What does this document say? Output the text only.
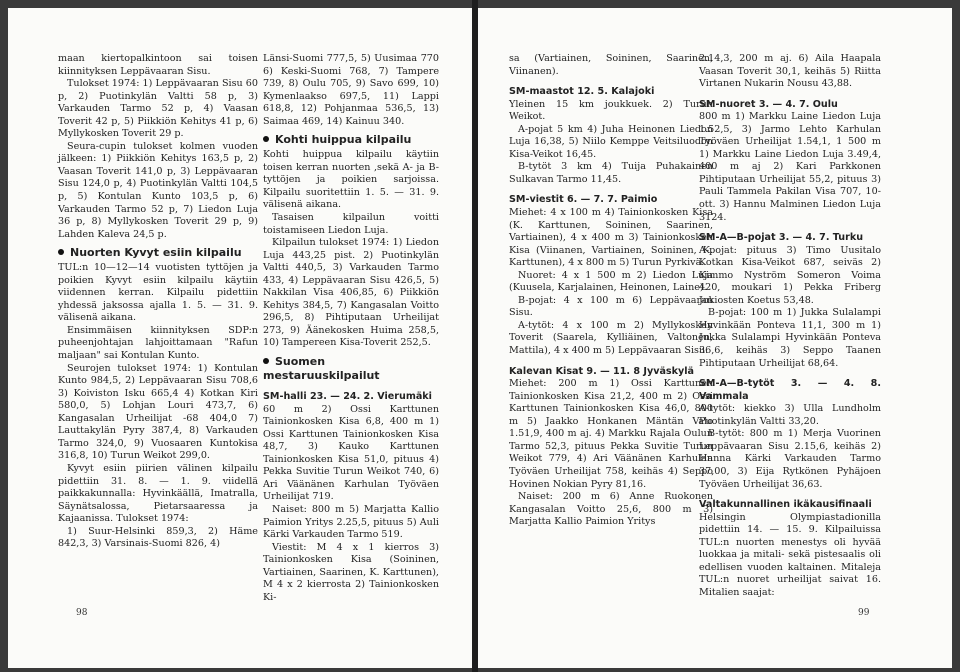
maan kiertopalkintoon sai toisen kiinnityksen Leppävaaran Sisu.

Tulokset 1974: 1) Leppävaaran Sisu 60 p, 2) Puotinkylän Valtti 58 p, 3) Varkauden Tarmo 52 p, 4) Vaasan Toverit 42 p, 5) Piikkiön Kehitys 41 p, 6) Myllykosken Toverit 29 p.

Seura-cupin tulokset kolmen vuoden jälkeen: 1) Piikkiön Kehitys 163,5 p, 2) Vaasan Toverit 141,0 p, 3) Leppävaaran Sisu 124,0 p, 4) Puotinkylän Valtti 104,5 p, 5) Kontulan Kunto 103,5 p, 6) Varkauden Tarmo 52 p, 7) Liedon Luja 36 p, 8) Myllykosken Toverit 29 p, 9) Lahden Kaleva 24,5 p.

Nuorten Kyvyt esiin kilpailu

TUL:n 10—12—14 vuotisten tyttöjen ja poikien Kyvyt esiin kilpailu käytiin viidennen kerran. Kilpailu pidettiin yhdessä jaksossa ajalla 1. 5. — 31. 9. välisenä aikana.

Ensimmäisen kiinnityksen SDP:n puheenjohtajan lahjoittamaan "Rafun maljaan" sai Kontulan Kunto.

Seurojen tulokset 1974: 1) Kontulan Kunto 984,5, 2) Leppävaaran Sisu 708,6 3) Koiviston Isku 665,4 4) Kotkan Kiri 580,0, 5) Lohjan Louri 473,7, 6) Kangasalan Urheilijat -68 404,0 7) Lauttakylän Pyry 387,4, 8) Varkauden Tarmo 324,0, 9) Vuosaaren Kuntokisa 316,8, 10) Turun Weikot 299,0.

Kyvyt esiin piirien välinen kilpailu pidettiin 31. 8. — 1. 9. viidellä paikkakunnalla: Hyvinkäällä, Imatralla, Säynätsalossa, Pietarsaaressa ja Kajaanissa. Tulokset 1974:

1) Suur-Helsinki 859,3, 2) Häme 842,3, 3) Varsinais-Suomi 826, 4)

Länsi-Suomi 777,5, 5) Uusimaa 770 6) Keski-Suomi 768, 7) Tampere 739, 8) Oulu 705, 9) Savo 699, 10) Kymenlaakso 697,5, 11) Lappi 618,8, 12) Pohjanmaa 536,5, 13) Saimaa 469, 14) Kainuu 340.

Kohti huippua kilpailu

Kohti huippua kilpailu käytiin toisen kerran nuorten ,sekä A- ja B-tyttöjen ja poikien sarjoissa. Kilpailu suoritettiin 1. 5. — 31. 9. välisenä aikana.

Tasaisen kilpailun voitti toistamiseen Liedon Luja.

Kilpailun tulokset 1974: 1) Liedon Luja 443,25 pist. 2) Puotinkylän Valtti 440,5, 3) Varkauden Tarmo 433, 4) Leppävaaran Sisu 426,5, 5) Nakkilan Visa 406,85, 6) Piikkiön Kehitys 384,5, 7) Kangasalan Voitto 296,5, 8) Pihtiputaan Urheilijat 273, 9) Äänekosken Huima 258,5, 10) Tampereen Kisa-Toverit 252,5.

Suomen mestaruuskilpailut

SM-halli 23. — 24. 2. Vierumäki

60 m 2) Ossi Karttunen Tainionkosken Kisa 6,8, 400 m 1) Ossi Karttunen Tainionkosken Kisa 48,7, 3) Kauko Karttunen Tainionkosken Kisa 51,0, pituus 4) Pekka Suvitie Turun Weikot 740, 6) Ari Väänänen Karhulan Työväen Urheilijat 719.

Naiset: 800 m 5) Marjatta Kallio Paimion Yritys 2.25,5, pituus 5) Auli Kärki Varkauden Tarmo 519.

Viestit: M 4 x 1 kierros 3) Tainionkosken Kisa (Soininen, Vartiainen, Saarinen, K. Karttunen), M 4 x 2 kierrosta 2) Tainionkosken Ki-

98

sa (Vartiainen, Soininen, Saarinen, Viinanen).

SM-maastot 12. 5. Kalajoki

Yleinen 15 km joukkuek. 2) Turun Weikot.

A-pojat 5 km 4) Juha Heinonen Liedon Luja 16,38, 5) Niilo Kemppe Veitsiluodon Kisa-Veikot 16,45.

B-tytöt 3 km 4) Tuija Puhakainen Sulkavan Tarmo 11,45.

SM-viestit 6. — 7. 7. Paimio

Miehet: 4 x 100 m 4) Tainionkosken Kisa (K. Karttunen, Soininen, Saarinen, Vartiainen), 4 x 400 m 3) Tainionkosken Kisa (Viinanen, Vartiainen, Soininen, K. Karttunen), 4 x 800 m 5) Turun Pyrkivä.

Nuoret: 4 x 1 500 m 2) Liedon Luja (Kuusela, Karjalainen, Heinonen, Laine).

B-pojat: 4 x 100 m 6) Leppävaaran Sisu.

A-tytöt: 4 x 100 m 2) Myllykosken Toverit (Saarela, Kylliäinen, Valtonen, Mattila), 4 x 400 m 5) Leppävaaran Sisu.

Kalevan Kisat 9. — 11. 8 Jyväskylä

Miehet: 200 m 1) Ossi Karttunen Tainionkosken Kisa 21,2, 400 m 2) Ossi Karttunen Tainionkosken Kisa 46,0, 800 m 5) Jaakko Honkanen Mäntän Valo 1.51,9, 400 m aj. 4) Markku Rajala Oulun Tarmo 52,3, pituus Pekka Suvitie Turun Weikot 779, 4) Ari Väänänen Karhulan Työväen Urheilijat 758, keihäs 4) Seppo Hovinen Nokian Pyry 81,16.

Naiset: 200 m 6) Anne Ruokonen Kangasalan Voitto 25,6, 800 m 3) Marjatta Kallio Paimion Yritys

2.14,3, 200 m aj. 6) Aila Haapala Vaasan Toverit 30,1, keihäs 5) Riitta Virtanen Nukarin Nousu 43,88.

SM-nuoret 3. — 4. 7. Oulu

800 m 1) Markku Laine Liedon Luja 1.52,5, 3) Jarmo Lehto Karhulan Työväen Urheilijat 1.54,1, 1 500 m 1) Markku Laine Liedon Luja 3.49,4, 400 m aj 2) Kari Parkkonen Pihtiputaan Urheilijat 55,2, pituus 3) Pauli Tammela Pakilan Visa 707, 10-ott. 3) Hannu Malminen Liedon Luja 3124.

SM-A—B-pojat 3. — 4. 7. Turku

A-pojat: pituus 3) Timo Uusitalo Kotkan Kisa-Veikot 687, seiväs 2) Kimmo Nyström Someron Voima 420, moukari 1) Pekka Friberg Jokiosten Koetus 53,48.

B-pojat: 100 m 1) Jukka Sulalampi Hyvinkään Ponteva 11,1, 300 m 1) Jukka Sulalampi Hyvinkään Ponteva 36,6, keihäs 3) Seppo Taanen Pihtiputaan Urheilijat 68,64.

SM-A—B-tytöt 3. — 4. 8. Vammala

A-tytöt: kiekko 3) Ulla Lundholm Puotinkylän Valtti 33,20.

B-tytöt: 800 m 1) Merja Vuorinen Leppävaaran Sisu 2.15,6, keihäs 2) Hanna Kärki Varkauden Tarmo 37,00, 3) Eija Rytkönen Pyhäjoen Työväen Urheilijat 36,63.

Valtakunnallinen ikäkausifinaali

Helsingin Olympiastadionilla pidettiin 14. — 15. 9. Kilpailuissa TUL:n nuorten menestys oli hyvää luokkaa ja mitali- sekä pistesaalis oli edellisen vuoden kaltainen. Mitaleja TUL:n nuoret urheilijat saivat 16. Mitalien saajat:

99
